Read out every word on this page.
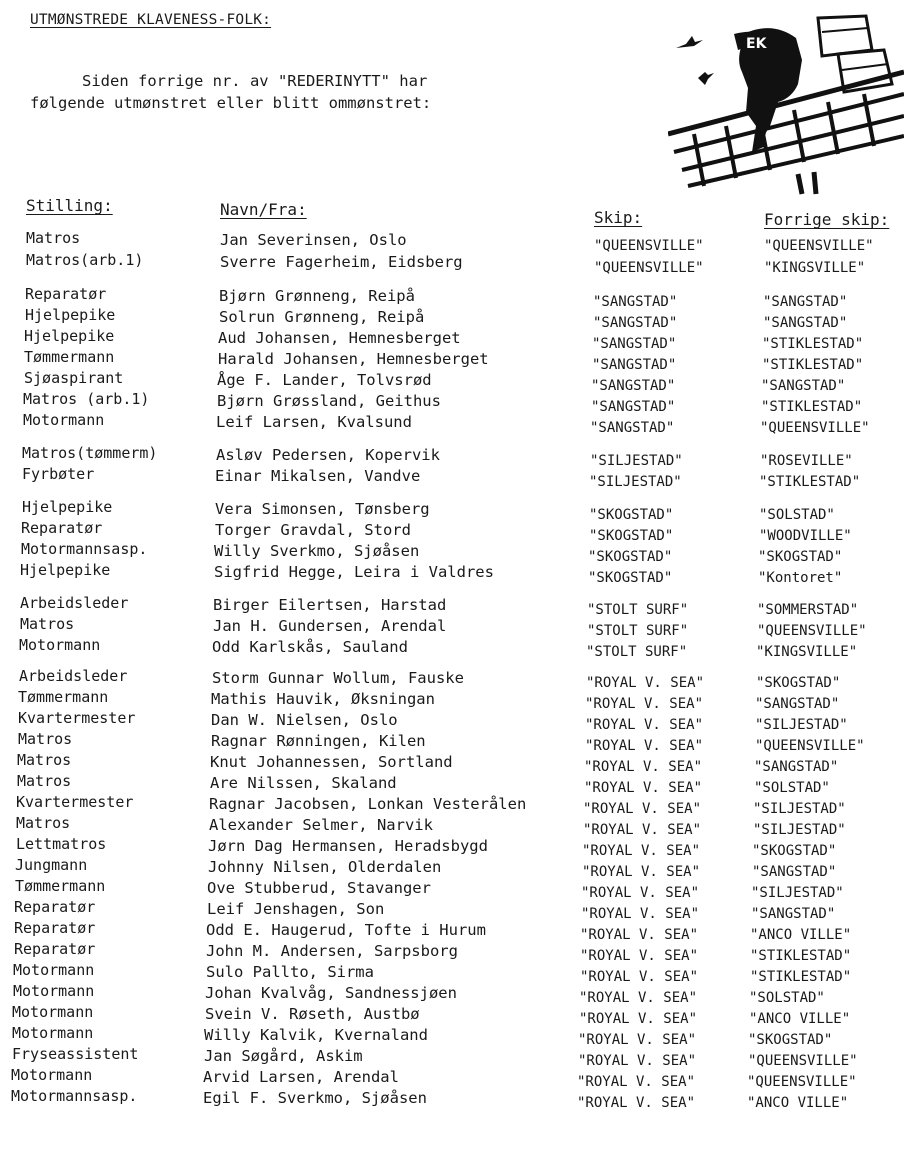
UTMØNSTREDE KLAVENESS-FOLK:
Siden forrige nr. av "REDERINYTT" har
følgende utmønstret eller blitt ommønstret:
EK
Stilling:	Navn/Fra:	Skip:	Forrige skip:
Matros	Jan Severinsen, Oslo	"QUEENSVILLE"	"QUEENSVILLE"
Matros(arb.1)	Sverre Fagerheim, Eidsberg	"QUEENSVILLE"	"KINGSVILLE"
Reparatør	Bjørn Grønneng, Reipå	"SANGSTAD"	"SANGSTAD"
Hjelpepike	Solrun Grønneng, Reipå	"SANGSTAD"	"SANGSTAD"
Hjelpepike	Aud Johansen, Hemnesberget	"SANGSTAD"	"STIKLESTAD"
Tømmermann	Harald Johansen, Hemnesberget	"SANGSTAD"	"STIKLESTAD"
Sjøaspirant	Åge F. Lander, Tolvsrød	"SANGSTAD"	"SANGSTAD"
Matros (arb.1)	Bjørn Grøssland, Geithus	"SANGSTAD"	"STIKLESTAD"
Motormann	Leif Larsen, Kvalsund	"SANGSTAD"	"QUEENSVILLE"
Matros(tømmerm)	Asløv Pedersen, Kopervik	"SILJESTAD"	"ROSEVILLE"
Fyrbøter	Einar Mikalsen, Vandve	"SILJESTAD"	"STIKLESTAD"
Hjelpepike	Vera Simonsen, Tønsberg	"SKOGSTAD"	"SOLSTAD"
Reparatør	Torger Gravdal, Stord	"SKOGSTAD"	"WOODVILLE"
Motormannsasp.	Willy Sverkmo, Sjøåsen	"SKOGSTAD"	"SKOGSTAD"
Hjelpepike	Sigfrid Hegge, Leira i Valdres	"SKOGSTAD"	"Kontoret"
Arbeidsleder	Birger Eilertsen, Harstad	"STOLT SURF"	"SOMMERSTAD"
Matros	Jan H. Gundersen, Arendal	"STOLT SURF"	"QUEENSVILLE"
Motormann	Odd Karlskås, Sauland	"STOLT SURF"	"KINGSVILLE"
Arbeidsleder	Storm Gunnar Wollum, Fauske	"ROYAL V. SEA"	"SKOGSTAD"
Tømmermann	Mathis Hauvik, Øksningan	"ROYAL V. SEA"	"SANGSTAD"
Kvartermester	Dan W. Nielsen, Oslo	"ROYAL V. SEA"	"SILJESTAD"
Matros	Ragnar Rønningen, Kilen	"ROYAL V. SEA"	"QUEENSVILLE"
Matros	Knut Johannessen, Sortland	"ROYAL V. SEA"	"SANGSTAD"
Matros	Are Nilssen, Skaland	"ROYAL V. SEA"	"SOLSTAD"
Kvartermester	Ragnar Jacobsen, Lonkan Vesterålen	"ROYAL V. SEA"	"SILJESTAD"
Matros	Alexander Selmer, Narvik	"ROYAL V. SEA"	"SILJESTAD"
Lettmatros	Jørn Dag Hermansen, Heradsbygd	"ROYAL V. SEA"	"SKOGSTAD"
Jungmann	Johnny Nilsen, Olderdalen	"ROYAL V. SEA"	"SANGSTAD"
Tømmermann	Ove Stubberud, Stavanger	"ROYAL V. SEA"	"SILJESTAD"
Reparatør	Leif Jenshagen, Son	"ROYAL V. SEA"	"SANGSTAD"
Reparatør	Odd E. Haugerud, Tofte i Hurum	"ROYAL V. SEA"	"ANCO VILLE"
Reparatør	John M. Andersen, Sarpsborg	"ROYAL V. SEA"	"STIKLESTAD"
Motormann	Sulo Pallto, Sirma	"ROYAL V. SEA"	"STIKLESTAD"
Motormann	Johan Kvalvåg, Sandnessjøen	"ROYAL V. SEA"	"SOLSTAD"
Motormann	Svein V. Røseth, Austbø	"ROYAL V. SEA"	"ANCO VILLE"
Motormann	Willy Kalvik, Kvernaland	"ROYAL V. SEA"	"SKOGSTAD"
Fryseassistent	Jan Søgård, Askim	"ROYAL V. SEA"	"QUEENSVILLE"
Motormann	Arvid Larsen, Arendal	"ROYAL V. SEA"	"QUEENSVILLE"
Motormannsasp.	Egil F. Sverkmo, Sjøåsen	"ROYAL V. SEA"	"ANCO VILLE"
